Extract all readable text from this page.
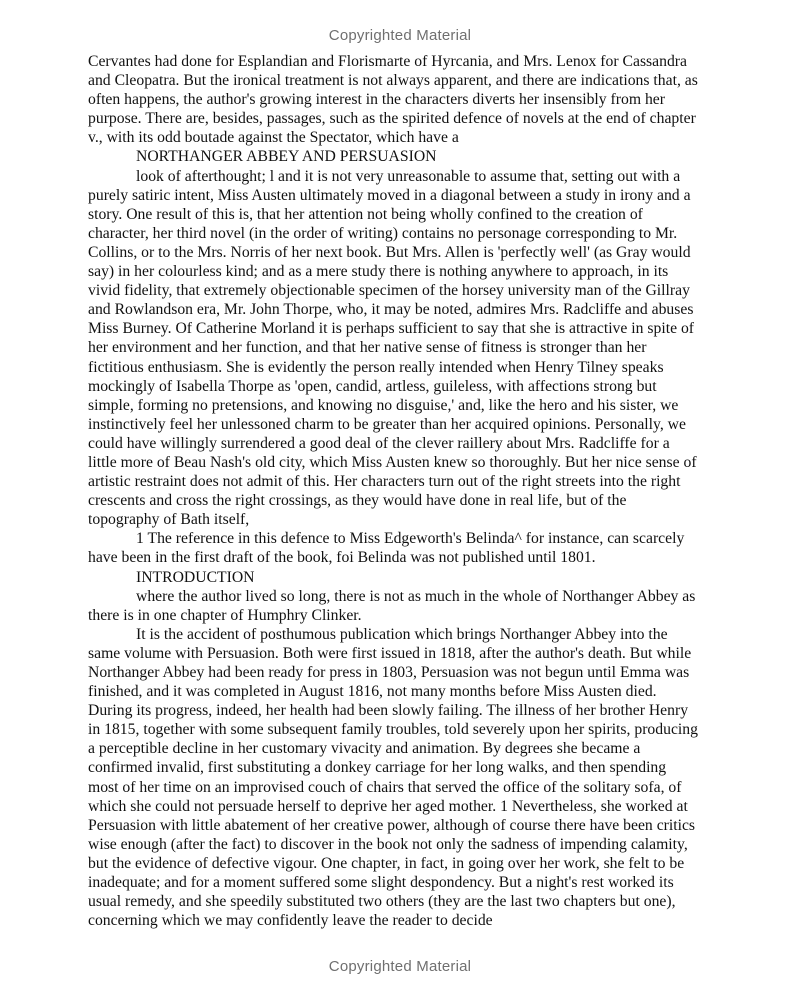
Copyrighted Material
Cervantes had done for Esplandian and Florismarte of Hyrcania, and Mrs. Lenox for Cassandra
and Cleopatra. But the ironical treatment is not always apparent, and there are indications that, as
often happens, the author's growing interest in the characters diverts her insensibly from her
purpose. There are, besides, passages, such as the spirited defence of novels at the end of chapter
v., with its odd boutade against the Spectator, which have a
NORTHANGER ABBEY AND PERSUASION
look of afterthought; l and it is not very unreasonable to assume that, setting out with a
purely satiric intent, Miss Austen ultimately moved in a diagonal between a study in irony and a
story. One result of this is, that her attention not being wholly confined to the creation of
character, her third novel (in the order of writing) contains no personage corresponding to Mr.
Collins, or to the Mrs. Norris of her next book. But Mrs. Allen is 'perfectly well' (as Gray would
say) in her colourless kind; and as a mere study there is nothing anywhere to approach, in its
vivid fidelity, that extremely objectionable specimen of the horsey university man of the Gillray
and Rowlandson era, Mr. John Thorpe, who, it may be noted, admires Mrs. Radcliffe and abuses
Miss Burney. Of Catherine Morland it is perhaps sufficient to say that she is attractive in spite of
her environment and her function, and that her native sense of fitness is stronger than her
fictitious enthusiasm. She is evidently the person really intended when Henry Tilney speaks
mockingly of Isabella Thorpe as 'open, candid, artless, guileless, with affections strong but
simple, forming no pretensions, and knowing no disguise,' and, like the hero and his sister, we
instinctively feel her unlessoned charm to be greater than her acquired opinions. Personally, we
could have willingly surrendered a good deal of the clever raillery about Mrs. Radcliffe for a
little more of Beau Nash's old city, which Miss Austen knew so thoroughly. But her nice sense of
artistic restraint does not admit of this. Her characters turn out of the right streets into the right
crescents and cross the right crossings, as they would have done in real life, but of the
topography of Bath itself,
1 The reference in this defence to Miss Edgeworth's Belinda^ for instance, can scarcely
have been in the first draft of the book, foi Belinda was not published until 1801.
INTRODUCTION
where the author lived so long, there is not as much in the whole of Northanger Abbey as
there is in one chapter of Humphry Clinker.
It is the accident of posthumous publication which brings Northanger Abbey into the
same volume with Persuasion. Both were first issued in 1818, after the author's death. But while
Northanger Abbey had been ready for press in 1803, Persuasion was not begun until Emma was
finished, and it was completed in August 1816, not many months before Miss Austen died.
During its progress, indeed, her health had been slowly failing. The illness of her brother Henry
in 1815, together with some subsequent family troubles, told severely upon her spirits, producing
a perceptible decline in her customary vivacity and animation. By degrees she became a
confirmed invalid, first substituting a donkey carriage for her long walks, and then spending
most of her time on an improvised couch of chairs that served the office of the solitary sofa, of
which she could not persuade herself to deprive her aged mother. 1 Nevertheless, she worked at
Persuasion with little abatement of her creative power, although of course there have been critics
wise enough (after the fact) to discover in the book not only the sadness of impending calamity,
but the evidence of defective vigour. One chapter, in fact, in going over her work, she felt to be
inadequate; and for a moment suffered some slight despondency. But a night's rest worked its
usual remedy, and she speedily substituted two others (they are the last two chapters but one),
concerning which we may confidently leave the reader to decide
Copyrighted Material
